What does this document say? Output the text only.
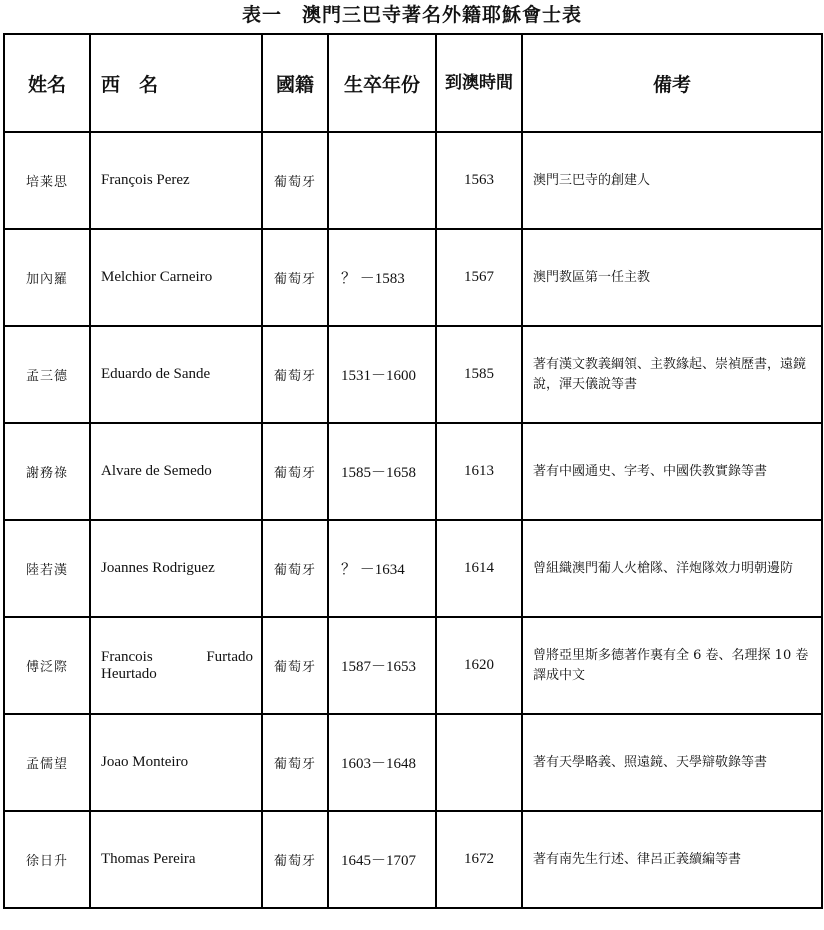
表一　澳門三巴寺著名外籍耶穌會士表
姓名	西　名	國籍	生卒年份	到澳時間	備考
培莱思	François Perez	葡萄牙		1563	澳門三巴寺的創建人
加內羅	Melchior Carneiro	葡萄牙	？ －1583	1567	澳門教區第一任主教
孟三德	Eduardo de Sande	葡萄牙	1531－1600	1585	著有漢文教義綱領、主教緣起、崇禎歷書，遠鏡說，渾天儀說等書
謝務祿	Alvare de Semedo	葡萄牙	1585－1658	1613	著有中國通史、字考、中國佚教實錄等書
陸若漢	Joannes Rodriguez	葡萄牙	？ －1634	1614	曾組織澳門葡人火槍隊、洋炮隊效力明朝邊防
傅泛際	Francois Furtado Heurtado	葡萄牙	1587－1653	1620	曾將亞里斯多德著作裏有全 6 卷、名理探 10 卷譯成中文
孟儒望	Joao Monteiro	葡萄牙	1603－1648		著有天學略義、照遠鏡、天學辯敬錄等書
徐日升	Thomas Pereira	葡萄牙	1645－1707	1672	著有南先生行述、律呂正義續編等書
